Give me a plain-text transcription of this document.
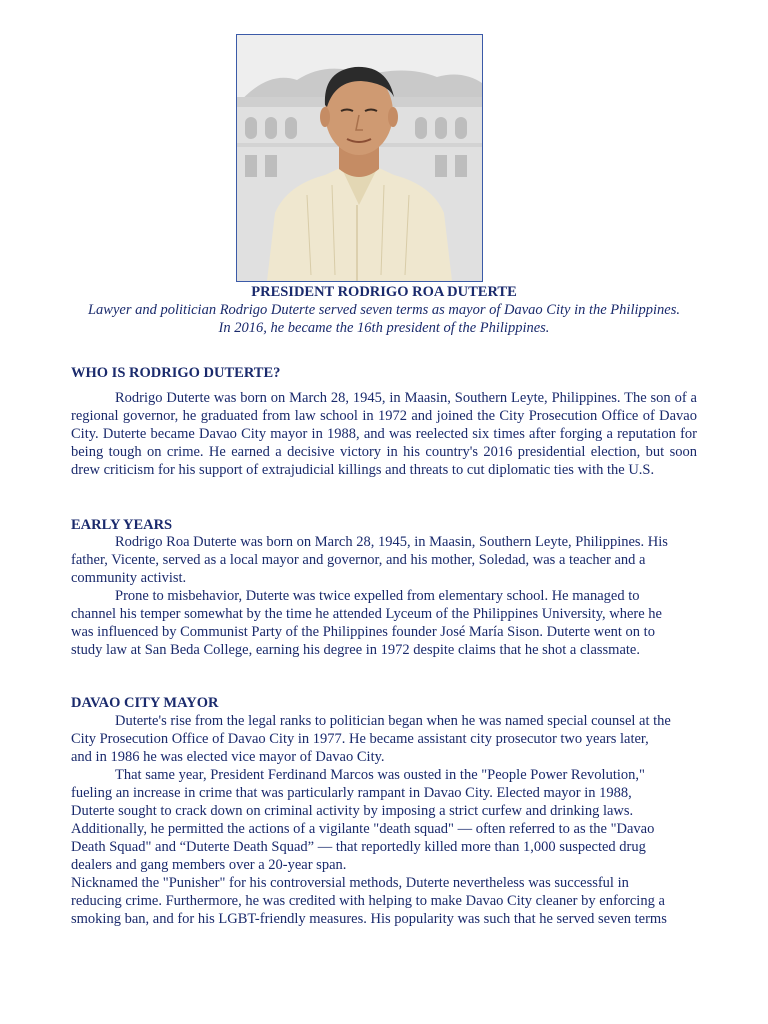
PRESIDENT RODRIGO ROA DUTERTE
Lawyer and politician Rodrigo Duterte served seven terms as mayor of Davao City in the Philippines.
In 2016, he became the 16th president of the Philippines.
WHO IS RODRIGO DUTERTE?

Rodrigo Duterte was born on March 28, 1945, in Maasin, Southern Leyte, Philippines. The son of a regional governor, he graduated from law school in 1972 and joined the City Prosecution Office of Davao City. Duterte became Davao City mayor in 1988, and was reelected six times after forging a reputation for being tough on crime. He earned a decisive victory in his country's 2016 presidential election, but soon drew criticism for his support of extrajudicial killings and threats to cut diplomatic ties with the U.S.

EARLY YEARS
Rodrigo Roa Duterte was born on March 28, 1945, in Maasin, Southern Leyte, Philippines. His
father, Vicente, served as a local mayor and governor, and his mother, Soledad, was a teacher and a
community activist.
Prone to misbehavior, Duterte was twice expelled from elementary school. He managed to
channel his temper somewhat by the time he attended Lyceum of the Philippines University, where he
was influenced by Communist Party of the Philippines founder José María Sison. Duterte went on to
study law at San Beda College, earning his degree in 1972 despite claims that he shot a classmate.
DAVAO CITY MAYOR
Duterte's rise from the legal ranks to politician began when he was named special counsel at the
City Prosecution Office of Davao City in 1977. He became assistant city prosecutor two years later,
and in 1986 he was elected vice mayor of Davao City.
That same year, President Ferdinand Marcos was ousted in the "People Power Revolution,"
fueling an increase in crime that was particularly rampant in Davao City. Elected mayor in 1988,
Duterte sought to crack down on criminal activity by imposing a strict curfew and drinking laws.
Additionally, he permitted the actions of a vigilante "death squad" — often referred to as the "Davao
Death Squad" and “Duterte Death Squad” — that reportedly killed more than 1,000 suspected drug
dealers and gang members over a 20-year span.
Nicknamed the "Punisher" for his controversial methods, Duterte nevertheless was successful in
reducing crime. Furthermore, he was credited with helping to make Davao City cleaner by enforcing a
smoking ban, and for his LGBT-friendly measures. His popularity was such that he served seven terms
